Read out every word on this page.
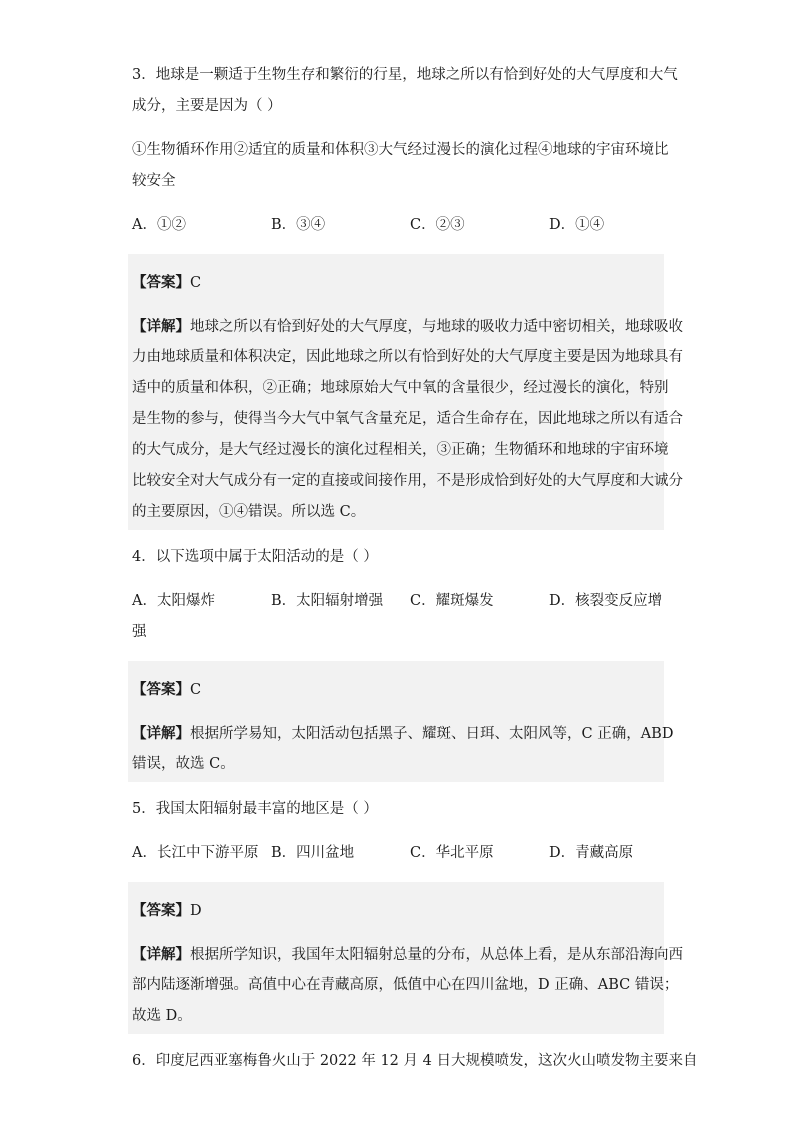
3．地球是一颗适于生物生存和繁衍的行星，地球之所以有恰到好处的大气厚度和大气
成分，主要是因为（ ）
①生物循环作用②适宜的质量和体积③大气经过漫长的演化过程④地球的宇宙环境比
较安全
A．①②	B．③④	C．②③	D．①④
【答案】C
【详解】地球之所以有恰到好处的大气厚度，与地球的吸收力适中密切相关，地球吸收
力由地球质量和体积决定，因此地球之所以有恰到好处的大气厚度主要是因为地球具有
适中的质量和体积，②正确；地球原始大气中氧的含量很少，经过漫长的演化，特别
是生物的参与，使得当今大气中氧气含量充足，适合生命存在，因此地球之所以有适合
的大气成分，是大气经过漫长的演化过程相关，③正确；生物循环和地球的宇宙环境
比较安全对大气成分有一定的直接或间接作用，不是形成恰到好处的大气厚度和大诚分
的主要原因，①④错误。所以选 C。
4．以下选项中属于太阳活动的是（ ）
A．太阳爆炸	B．太阳辐射增强	C．耀斑爆发	D．核裂变反应增
强
【答案】C
【详解】根据所学易知，太阳活动包括黑子、耀斑、日珥、太阳风等，C 正确，ABD
错误，故选 C。
5．我国太阳辐射最丰富的地区是（ ）
A．长江中下游平原 B．四川盆地	C．华北平原	D．青藏高原
【答案】D
【详解】根据所学知识，我国年太阳辐射总量的分布，从总体上看，是从东部沿海向西
部内陆逐渐增强。高值中心在青藏高原，低值中心在四川盆地，D 正确、ABC 错误；
故选 D。
6．印度尼西亚塞梅鲁火山于 2022 年 12 月 4 日大规模喷发，这次火山喷发物主要来自
